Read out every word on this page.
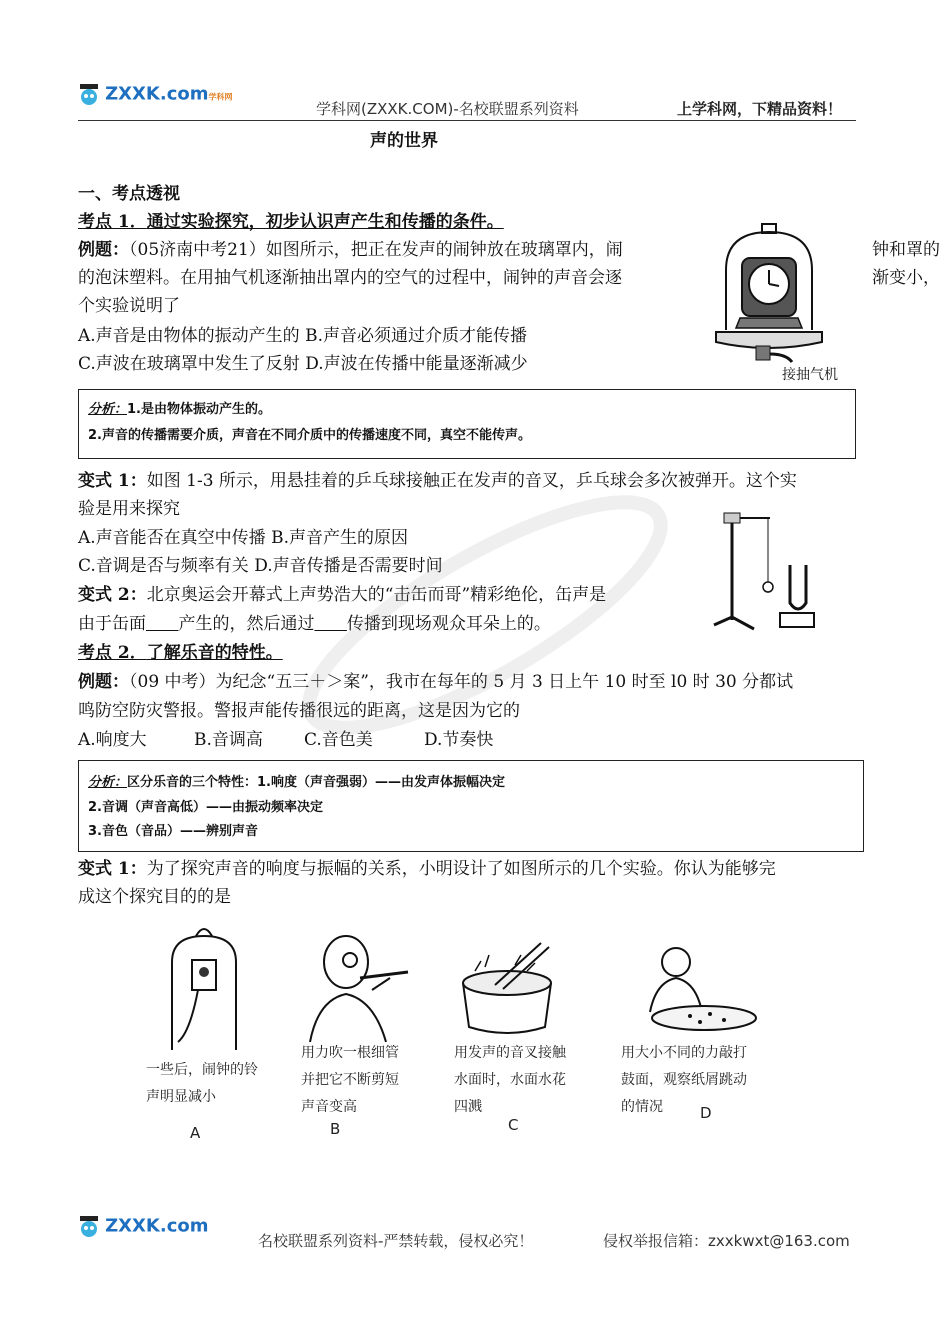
ZXXK.com学科网
学科网(ZXXK.COM)-名校联盟系列资料	上学科网，下精品资料！
声的世界
一、考点透视
考点 1．通过实验探究，初步认识声产生和传播的条件。
例题：（05济南中考21）如图所示，把正在发声的闹钟放在玻璃罩内，闹
的泡沫塑料。在用抽气机逐渐抽出罩内的空气的过程中，闹钟的声音会逐
个实验说明了
钟和罩的
渐变小，
A.声音是由物体的振动产生的 B.声音必须通过介质才能传播
C.声波在玻璃罩中发生了反射 D.声波在传播中能量逐渐减少
接抽气机
分析：1.是由物体振动产生的。
2.声音的传播需要介质，声音在不同介质中的传播速度不同，真空不能传声。
变式 1：如图 1-3 所示，用悬挂着的乒乓球接触正在发声的音叉，乒乓球会多次被弹开。这个实
验是用来探究
A.声音能否在真空中传播 B.声音产生的原因
C.音调是否与频率有关 D.声音传播是否需要时间
变式 2：北京奥运会开幕式上声势浩大的“击缶而哥”精彩绝伦，缶声是
由于缶面    产生的，然后通过    传播到现场观众耳朵上的。
考点 2．了解乐音的特性。
例题：（09 中考）为纪念“五三＋＞案”，我市在每年的 5 月 3 日上午 10 时至 l0 时 30 分都试
鸣防空防灾警报。警报声能传播很远的距离，这是因为它的
A.响度大	B.音调高 C.音色美	D.节奏快
分析：区分乐音的三个特性：1.响度（声音强弱）——由发声体振幅决定
2.音调（声音高低）——由振动频率决定
3.音色（音品）——辨别声音
变式 1：为了探究声音的响度与振幅的关系，小明设计了如图所示的几个实验。你认为能够完
成这个探究目的的是
一些后，闹钟的铃
声明显减小
A
用力吹一根细管
并把它不断剪短
声音变高
B
用发声的音叉接触
水面时，水面水花
四溅
C
用大小不同的力敲打
鼓面，观察纸屑跳动
的情况 D
ZXXK.com
名校联盟系列资料-严禁转载，侵权必究！	侵权举报信箱：zxxkwxt@163.com
